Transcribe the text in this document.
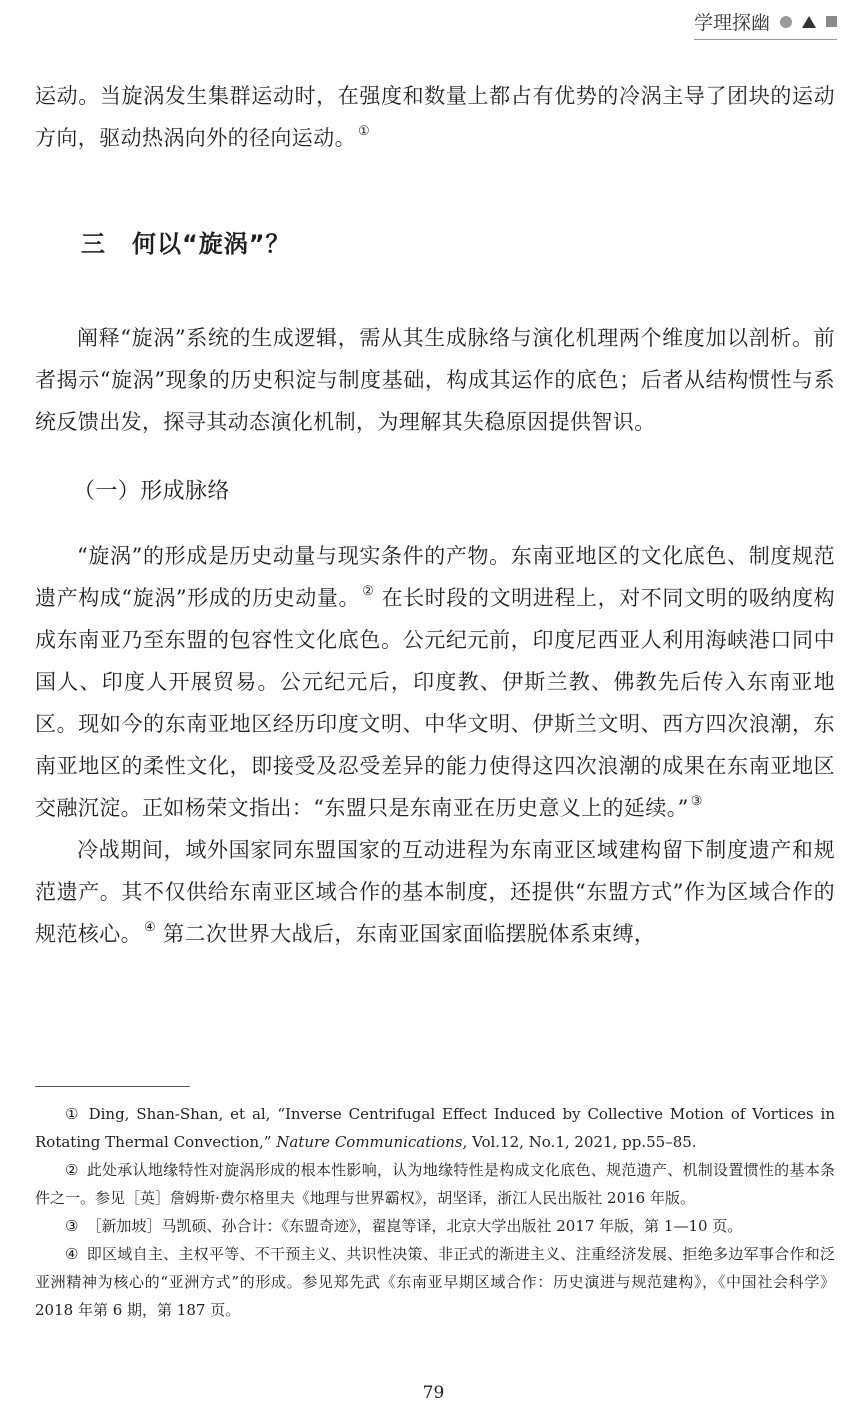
学理探幽

运动。当旋涡发生集群运动时，在强度和数量上都占有优势的冷涡主导了团块的运动方向，驱动热涡向外的径向运动。 ①

三 何以“旋涡”？

阐释“旋涡”系统的生成逻辑，需从其生成脉络与演化机理两个维度加以剖析。前者揭示“旋涡”现象的历史积淀与制度基础，构成其运作的底色；后者从结构惯性与系统反馈出发，探寻其动态演化机制，为理解其失稳原因提供智识。

（一）形成脉络

“旋涡”的形成是历史动量与现实条件的产物。东南亚地区的文化底色、制度规范遗产构成“旋涡”形成的历史动量。 ② 在长时段的文明进程上，对不同文明的吸纳度构成东南亚乃至东盟的包容性文化底色。公元纪元前，印度尼西亚人利用海峡港口同中国人、印度人开展贸易。公元纪元后，印度教、伊斯兰教、佛教先后传入东南亚地区。现如今的东南亚地区经历印度文明、中华文明、伊斯兰文明、西方四次浪潮，东南亚地区的柔性文化，即接受及忍受差异的能力使得这四次浪潮的成果在东南亚地区交融沉淀。正如杨荣文指出：“东盟只是东南亚在历史意义上的延续。” ③

冷战期间，域外国家同东盟国家的互动进程为东南亚区域建构留下制度遗产和规范遗产。其不仅供给东南亚区域合作的基本制度，还提供“东盟方式”作为区域合作的规范核心。 ④ 第二次世界大战后，东南亚国家面临摆脱体系束缚，

① Ding, Shan-Shan, et al, “Inverse Centrifugal Effect Induced by Collective Motion of Vortices in Rotating Thermal Convection,” Nature Communications, Vol.12, No.1, 2021, pp.55–85.

② 此处承认地缘特性对旋涡形成的根本性影响，认为地缘特性是构成文化底色、规范遗产、机制设置惯性的基本条件之一。参见［英］詹姆斯·费尔格里夫《地理与世界霸权》，胡坚译，浙江人民出版社 2016 年版。

③ ［新加坡］马凯硕、孙合计：《东盟奇迹》，翟崑等译，北京大学出版社 2017 年版，第 1—10 页。

④ 即区域自主、主权平等、不干预主义、共识性决策、非正式的渐进主义、注重经济发展、拒绝多边军事合作和泛亚洲精神为核心的“亚洲方式”的形成。参见郑先武《东南亚早期区域合作：历史演进与规范建构》，《中国社会科学》2018 年第 6 期，第 187 页。

79
